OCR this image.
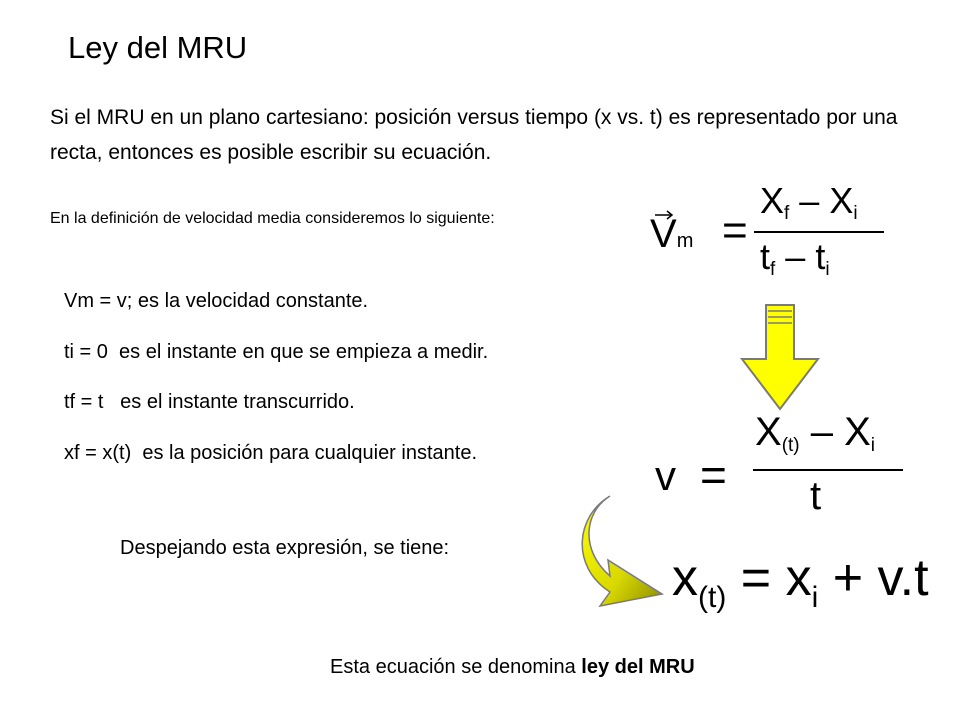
Ley del MRU
Si el MRU en un plano cartesiano: posición versus tiempo (x vs. t) es representado por una recta, entonces es posible escribir su ecuación.
En la definición de velocidad media consideremos lo siguiente:
Vm = v; es la velocidad constante.
ti = 0 es el instante en que se empieza a medir.
tf = t es el instante transcurrido.
xf = x(t) es la posición para cualquier instante.
Vm =
Xf – Xi
tf – ti
v =
X(t) – Xi
t
Despejando esta expresión, se tiene:
$x_{(t)} = x_i + v.t$
Esta ecuación se denomina ley del MRU
